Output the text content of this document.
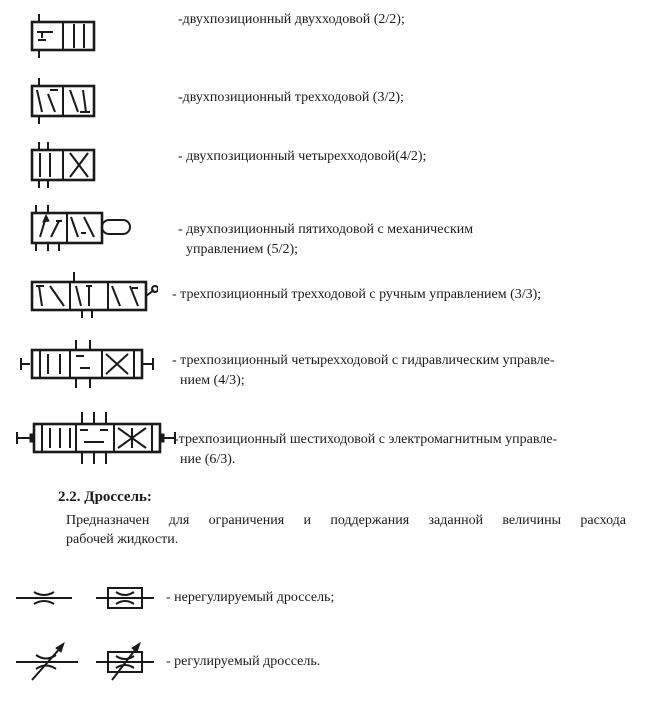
-двухпозиционный двухходовой (2/2);
-двухпозиционный трехходовой (3/2);
- двухпозиционный четырехходовой(4/2);
- двухпозиционный пятиходовой с механическим
управлением (5/2);
- трехпозиционный трехходовой с ручным управлением (3/3);
- трехпозиционный четырехходовой с гидравлическим управле-
нием (4/3);
-трехпозиционный шестиходовой с электромагнитным управле-
ние (6/3).
2.2. Дроссель:
Предназначен для ограничения и поддержания заданной величины расхода
рабочей жидкости.
- нерегулируемый дроссель;
- регулируемый дроссель.
